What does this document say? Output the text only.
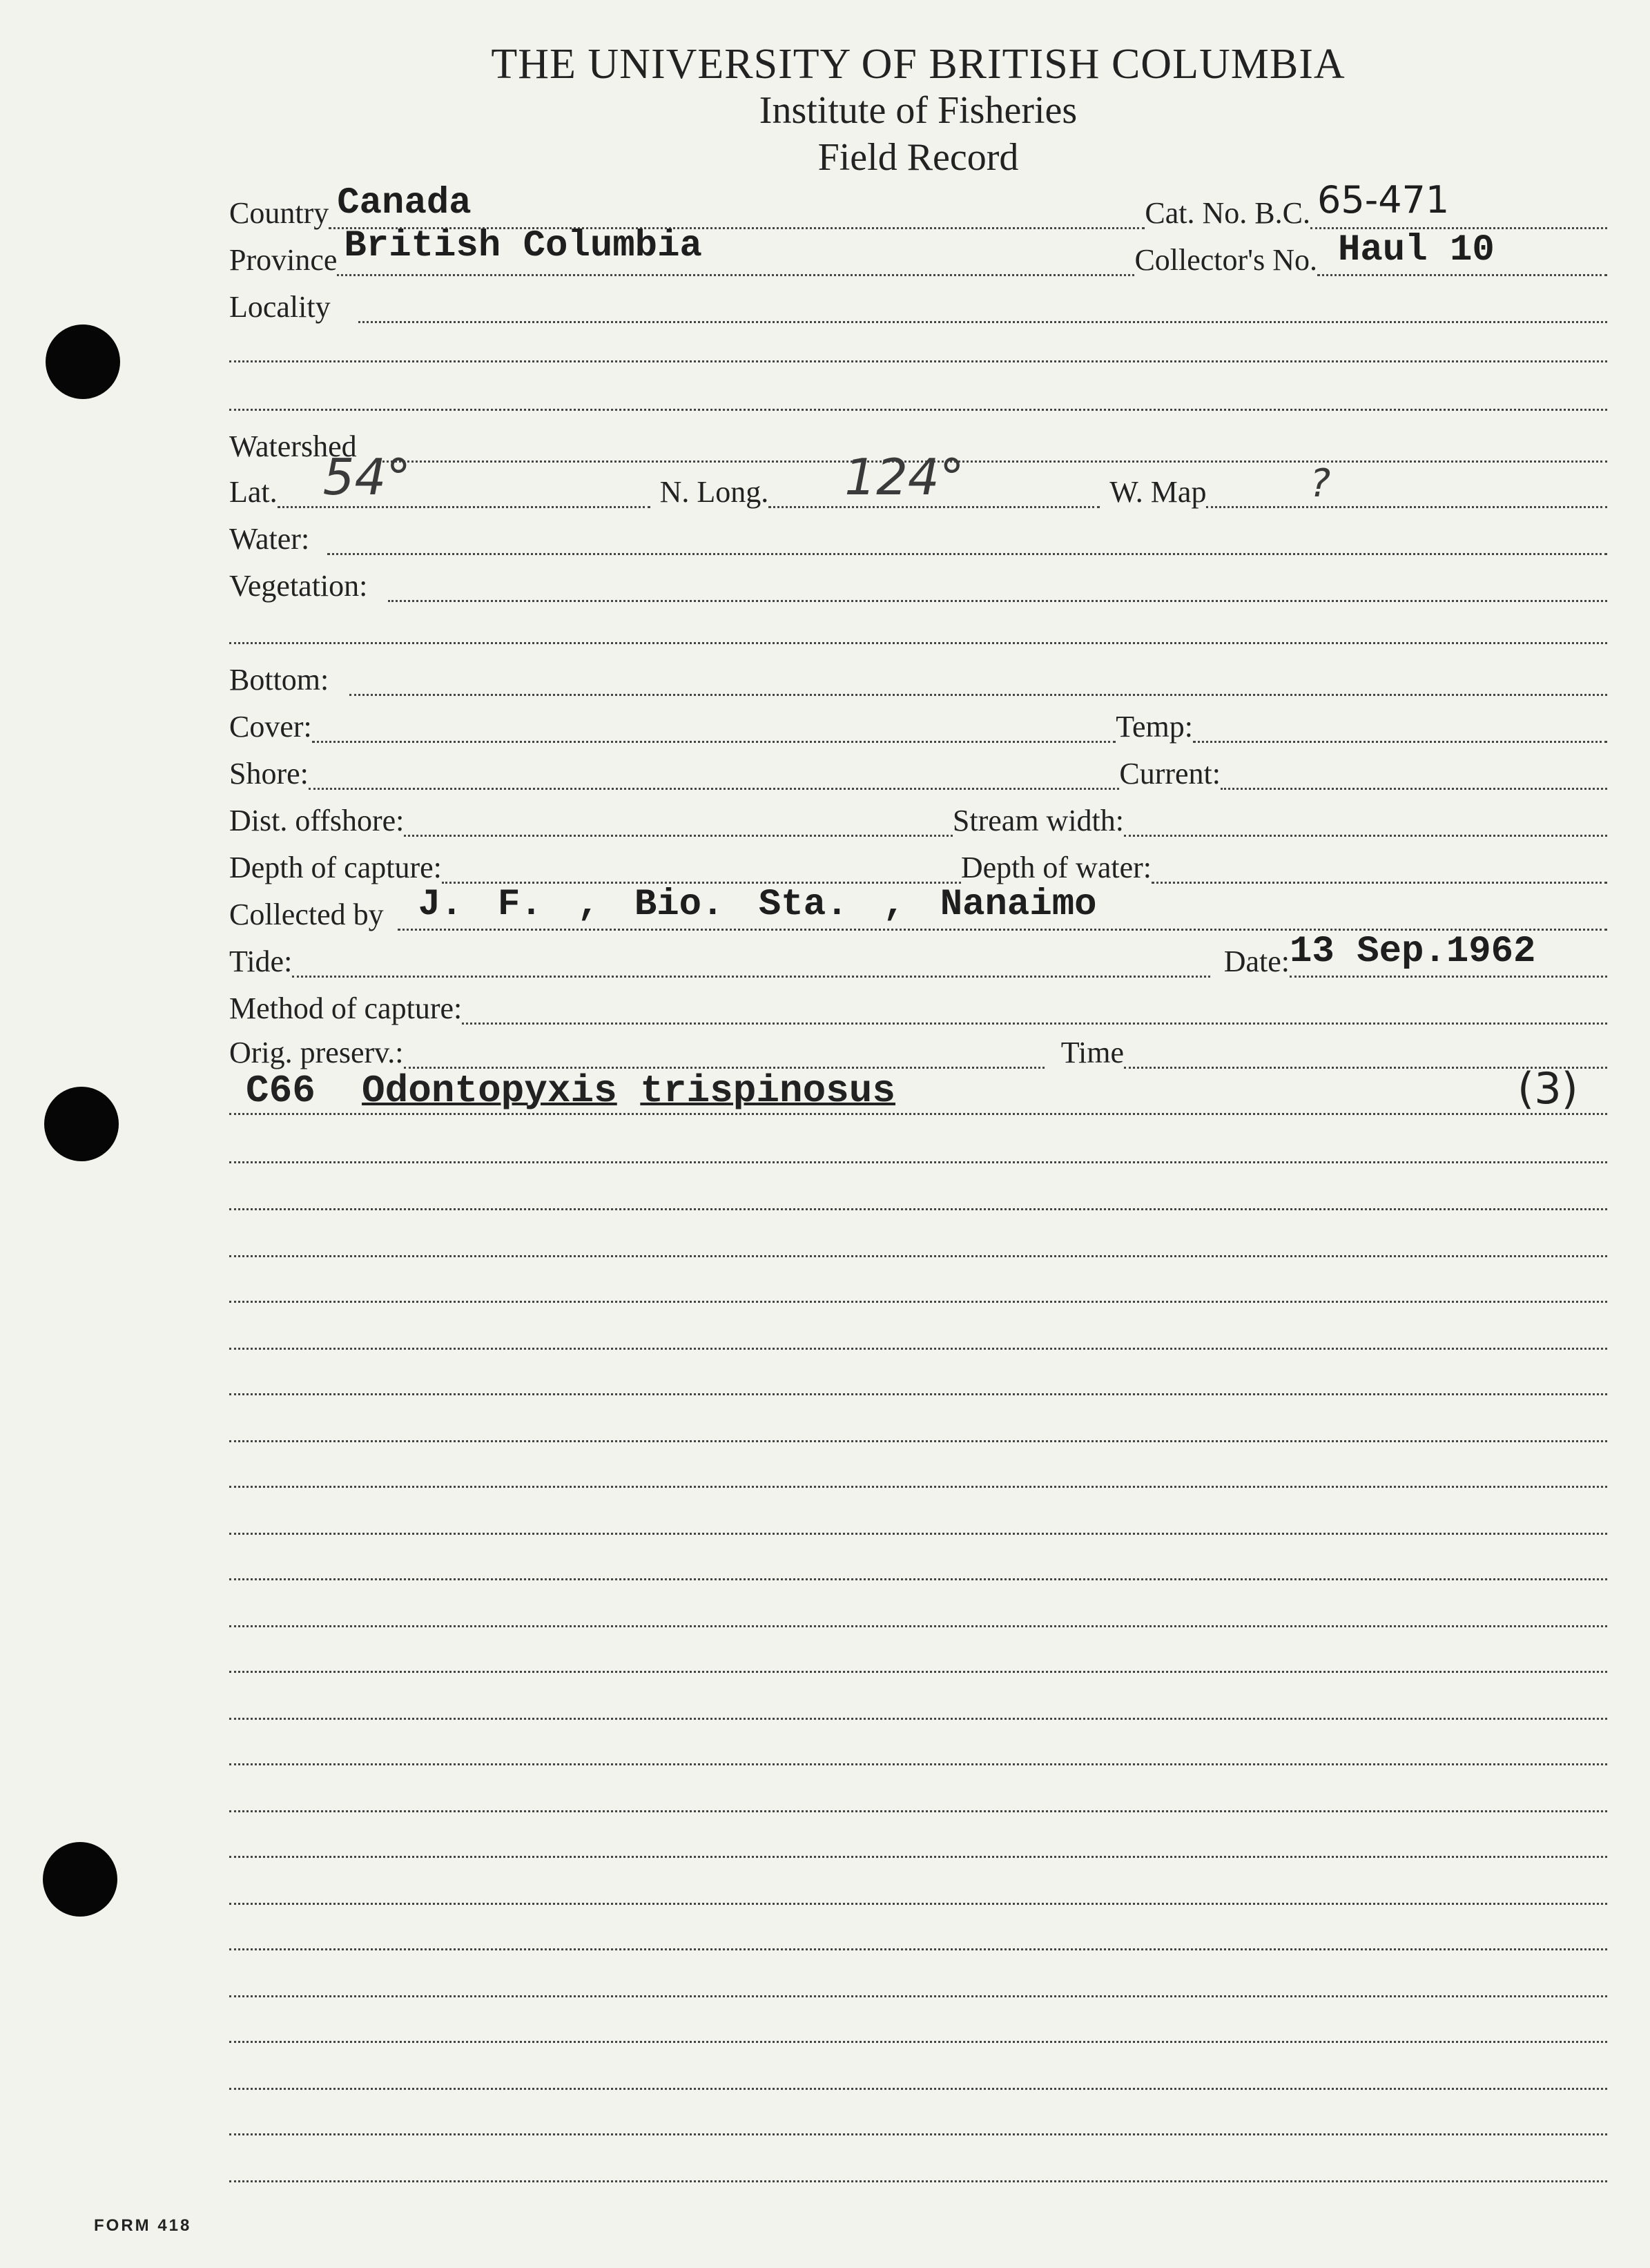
THE UNIVERSITY OF BRITISH COLUMBIA
Institute of Fisheries
Field Record
Country Canada	Cat. No. B.C. 65-471
Province British Columbia	Collector's No. Haul 10
Locality
Watershed
Lat. 54°	N. Long. 124°	W. Map	?
Water:
Vegetation:
Bottom:
Cover:	Temp:
Shore:	Current:
Dist. offshore:	Stream width:
Depth of capture:	Depth of water:
Collected by J. F. , Bio. Sta. , Nanaimo
Tide:	Date: 13 Sep.1962
Method of capture:
Orig. preserv.:	Time
C66 Odontopyxis trispinosus	(3)
FORM 418
